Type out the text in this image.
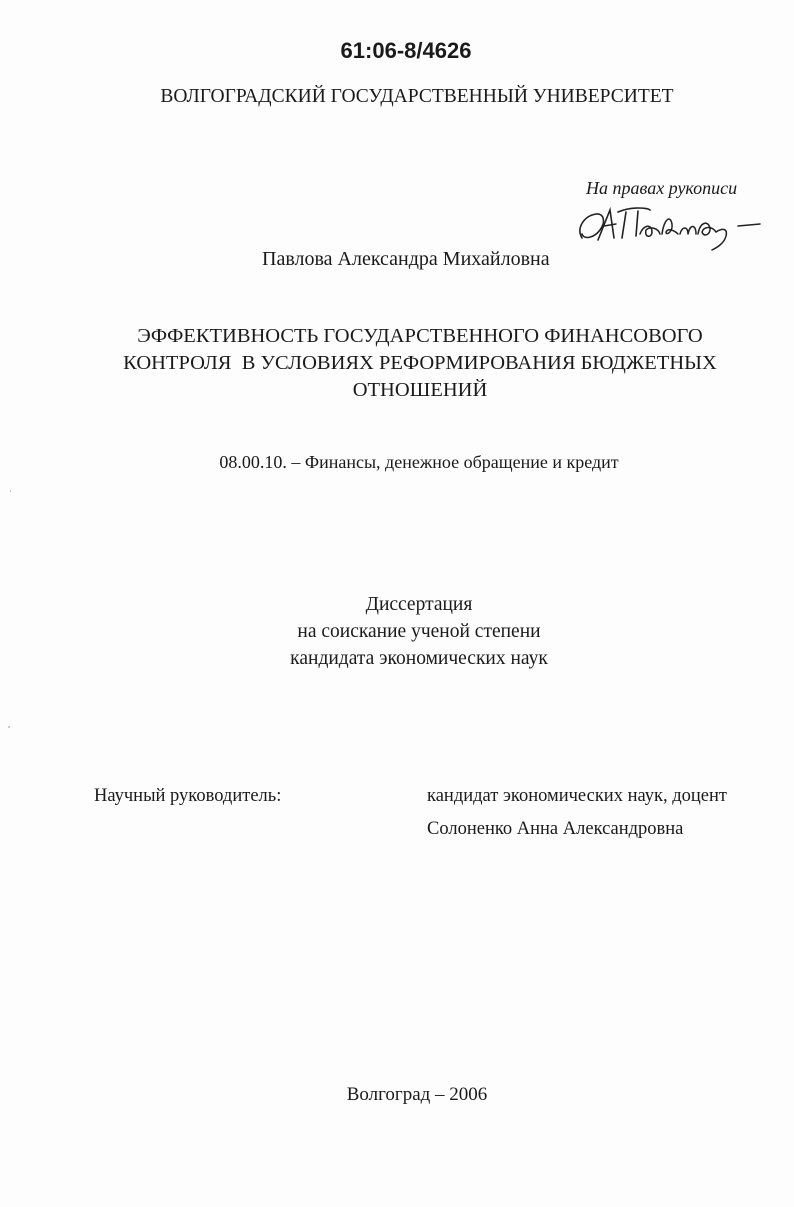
61:06-8/4626
ВОЛГОГРАДСКИЙ ГОСУДАРСТВЕННЫЙ УНИВЕРСИТЕТ
На правах рукописи
Павлова Александра Михайловна
ЭФФЕКТИВНОСТЬ ГОСУДАРСТВЕННОГО ФИНАНСОВОГО
КОНТРОЛЯ  В УСЛОВИЯХ РЕФОРМИРОВАНИЯ БЮДЖЕТНЫХ
ОТНОШЕНИЙ
08.00.10. – Финансы, денежное обращение и кредит
Диссертация
на соискание ученой степени
кандидата экономических наук
Научный руководитель:	кандидат экономических наук, доцент
Солоненко Анна Александровна
Волгоград – 2006
